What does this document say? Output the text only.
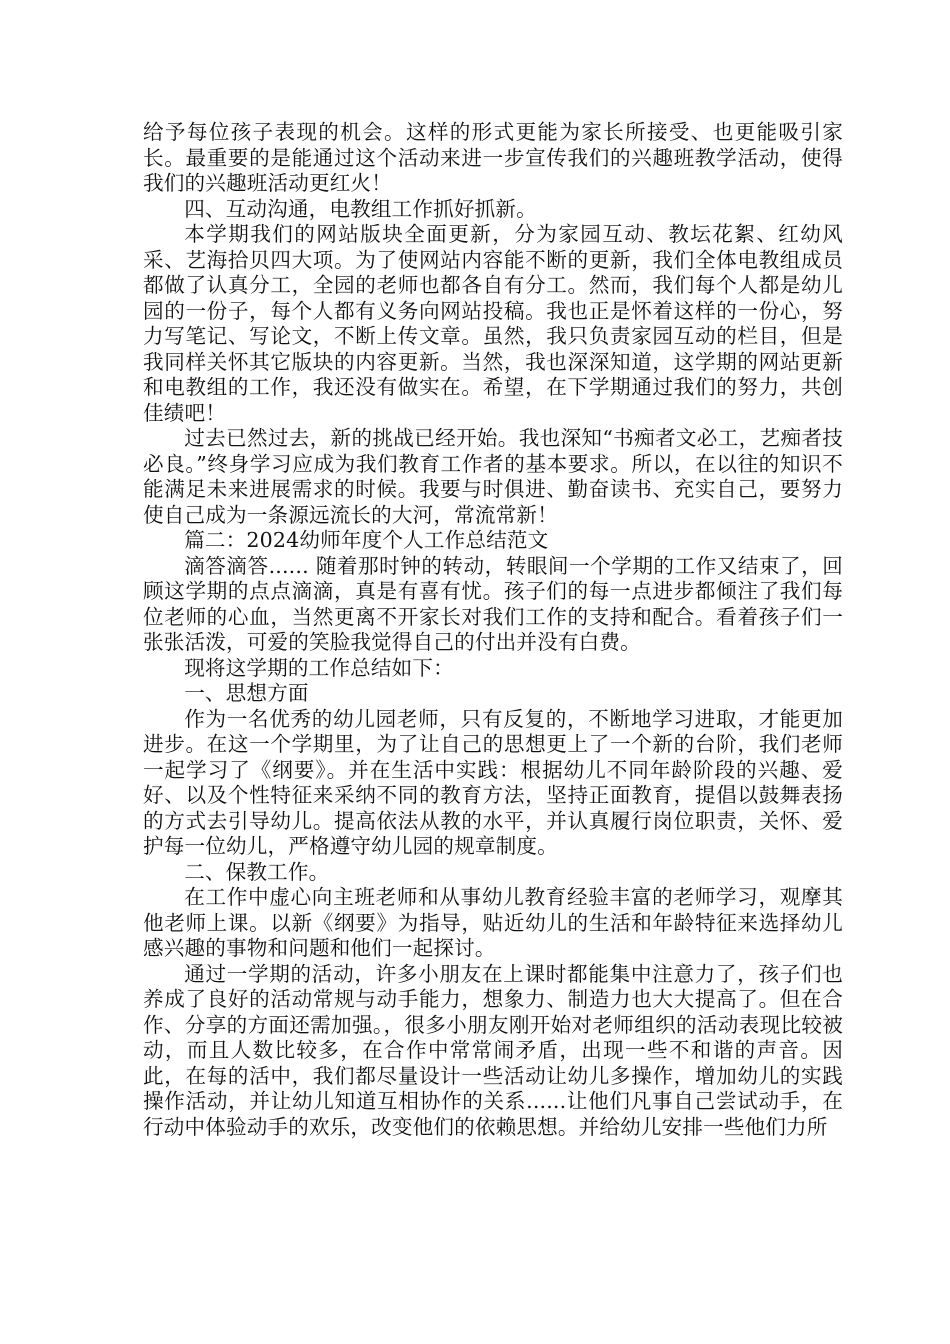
给予每位孩子表现的机会。这样的形式更能为家长所接受、也更能吸引家长。最重要的是能通过这个活动来进一步宣传我们的兴趣班教学活动，使得我们的兴趣班活动更红火！

四、互动沟通，电教组工作抓好抓新。

本学期我们的网站版块全面更新，分为家园互动、教坛花絮、红幼风采、艺海拾贝四大项。为了使网站内容能不断的更新，我们全体电教组成员都做了认真分工，全园的老师也都各自有分工。然而，我们每个人都是幼儿园的一份子，每个人都有义务向网站投稿。我也正是怀着这样的一份心，努力写笔记、写论文，不断上传文章。虽然，我只负责家园互动的栏目，但是我同样关怀其它版块的内容更新。当然，我也深深知道，这学期的网站更新和电教组的工作，我还没有做实在。希望，在下学期通过我们的努力，共创佳绩吧！

过去已然过去，新的挑战已经开始。我也深知“书痴者文必工，艺痴者技必良。”终身学习应成为我们教育工作者的基本要求。所以，在以往的知识不能满足未来进展需求的时候。我要与时俱进、勤奋读书、充实自己，要努力使自己成为一条源远流长的大河，常流常新！

篇二：2024幼师年度个人工作总结范文

滴答滴答...... 随着那时钟的转动，转眼间一个学期的工作又结束了，回顾这学期的点点滴滴，真是有喜有忧。孩子们的每一点进步都倾注了我们每位老师的心血，当然更离不开家长对我们工作的支持和配合。看着孩子们一张张活泼，可爱的笑脸我觉得自己的付出并没有白费。

现将这学期的工作总结如下：

一、思想方面

作为一名优秀的幼儿园老师，只有反复的，不断地学习进取，才能更加进步。在这一个学期里，为了让自己的思想更上了一个新的台阶，我们老师一起学习了《纲要》。并在生活中实践：根据幼儿不同年龄阶段的兴趣、爱好、以及个性特征来采纳不同的教育方法，坚持正面教育，提倡以鼓舞表扬的方式去引导幼儿。提高依法从教的水平，并认真履行岗位职责，关怀、爱护每一位幼儿，严格遵守幼儿园的规章制度。

二、保教工作。

在工作中虚心向主班老师和从事幼儿教育经验丰富的老师学习，观摩其他老师上课。以新《纲要》为指导，贴近幼儿的生活和年龄特征来选择幼儿感兴趣的事物和问题和他们一起探讨。

通过一学期的活动，许多小朋友在上课时都能集中注意力了，孩子们也养成了良好的活动常规与动手能力，想象力、制造力也大大提高了。但在合作、分享的方面还需加强。，很多小朋友刚开始对老师组织的活动表现比较被动，而且人数比较多，在合作中常常闹矛盾，出现一些不和谐的声音。因此，在每的活中，我们都尽量设计一些活动让幼儿多操作，增加幼儿的实践操作活动，并让幼儿知道互相协作的关系......让他们凡事自己尝试动手，在行动中体验动手的欢乐，改变他们的依赖思想。并给幼儿安排一些他们力所
